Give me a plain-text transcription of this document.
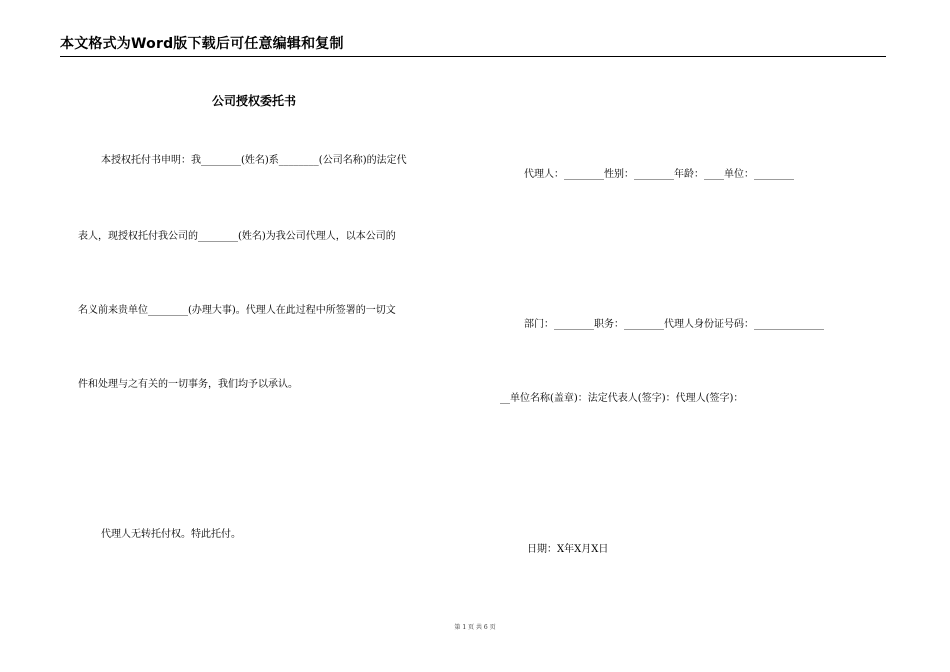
本文格式为Word版下载后可任意编辑和复制
公司授权委托书
本授权托付书申明：我________(姓名)系________(公司名称)的法定代
表人，现授权托付我公司的________(姓名)为我公司代理人，以本公司的
名义前来贵单位________(办理大事)。代理人在此过程中所签署的一切文
件和处理与之有关的一切事务，我们均予以承认。
代理人无转托付权。特此托付。
代理人：________性别：________年龄：____单位：________
部门：________职务：________代理人身份证号码：______________
__单位名称(盖章)：法定代表人(签字)：代理人(签字)：
日期：X年X月X日
第 1 页 共 6 页
